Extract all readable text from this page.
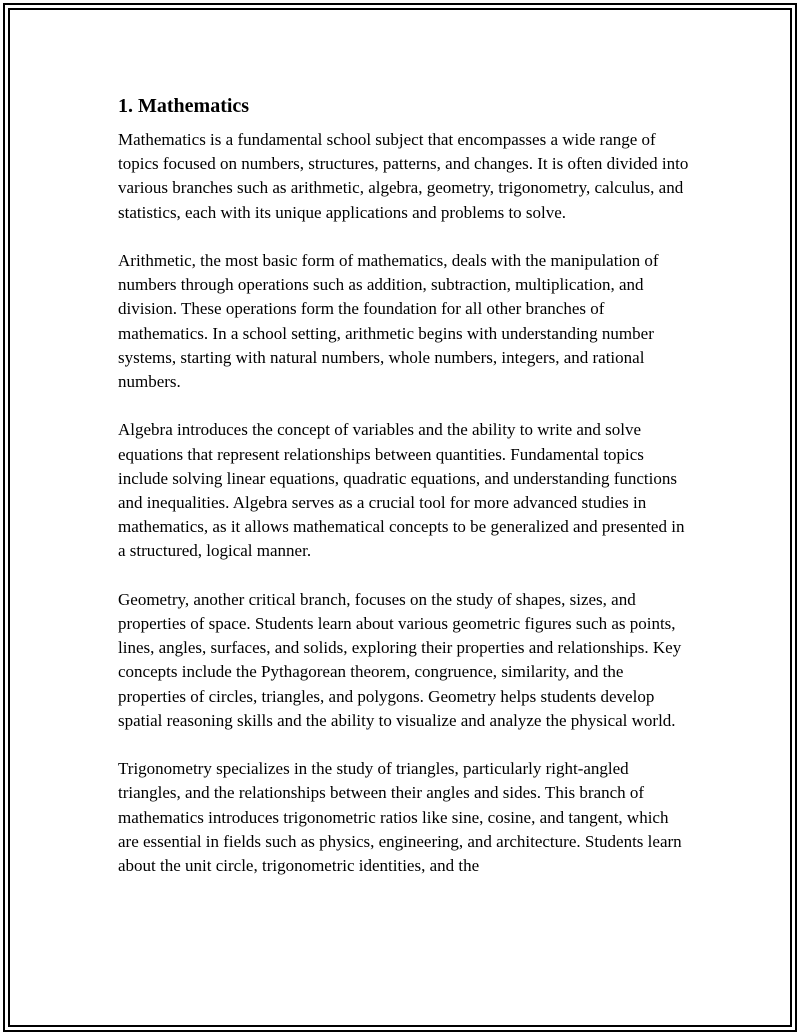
1. Mathematics

Mathematics is a fundamental school subject that encompasses a wide range of topics focused on numbers, structures, patterns, and changes. It is often divided into various branches such as arithmetic, algebra, geometry, trigonometry, calculus, and statistics, each with its unique applications and problems to solve.

Arithmetic, the most basic form of mathematics, deals with the manipulation of numbers through operations such as addition, subtraction, multiplication, and division. These operations form the foundation for all other branches of mathematics. In a school setting, arithmetic begins with understanding number systems, starting with natural numbers, whole numbers, integers, and rational numbers.

Algebra introduces the concept of variables and the ability to write and solve equations that represent relationships between quantities. Fundamental topics include solving linear equations, quadratic equations, and understanding functions and inequalities. Algebra serves as a crucial tool for more advanced studies in mathematics, as it allows mathematical concepts to be generalized and presented in a structured, logical manner.

Geometry, another critical branch, focuses on the study of shapes, sizes, and properties of space. Students learn about various geometric figures such as points, lines, angles, surfaces, and solids, exploring their properties and relationships. Key concepts include the Pythagorean theorem, congruence, similarity, and the properties of circles, triangles, and polygons. Geometry helps students develop spatial reasoning skills and the ability to visualize and analyze the physical world.

Trigonometry specializes in the study of triangles, particularly right-angled triangles, and the relationships between their angles and sides. This branch of mathematics introduces trigonometric ratios like sine, cosine, and tangent, which are essential in fields such as physics, engineering, and architecture. Students learn about the unit circle, trigonometric identities, and the
